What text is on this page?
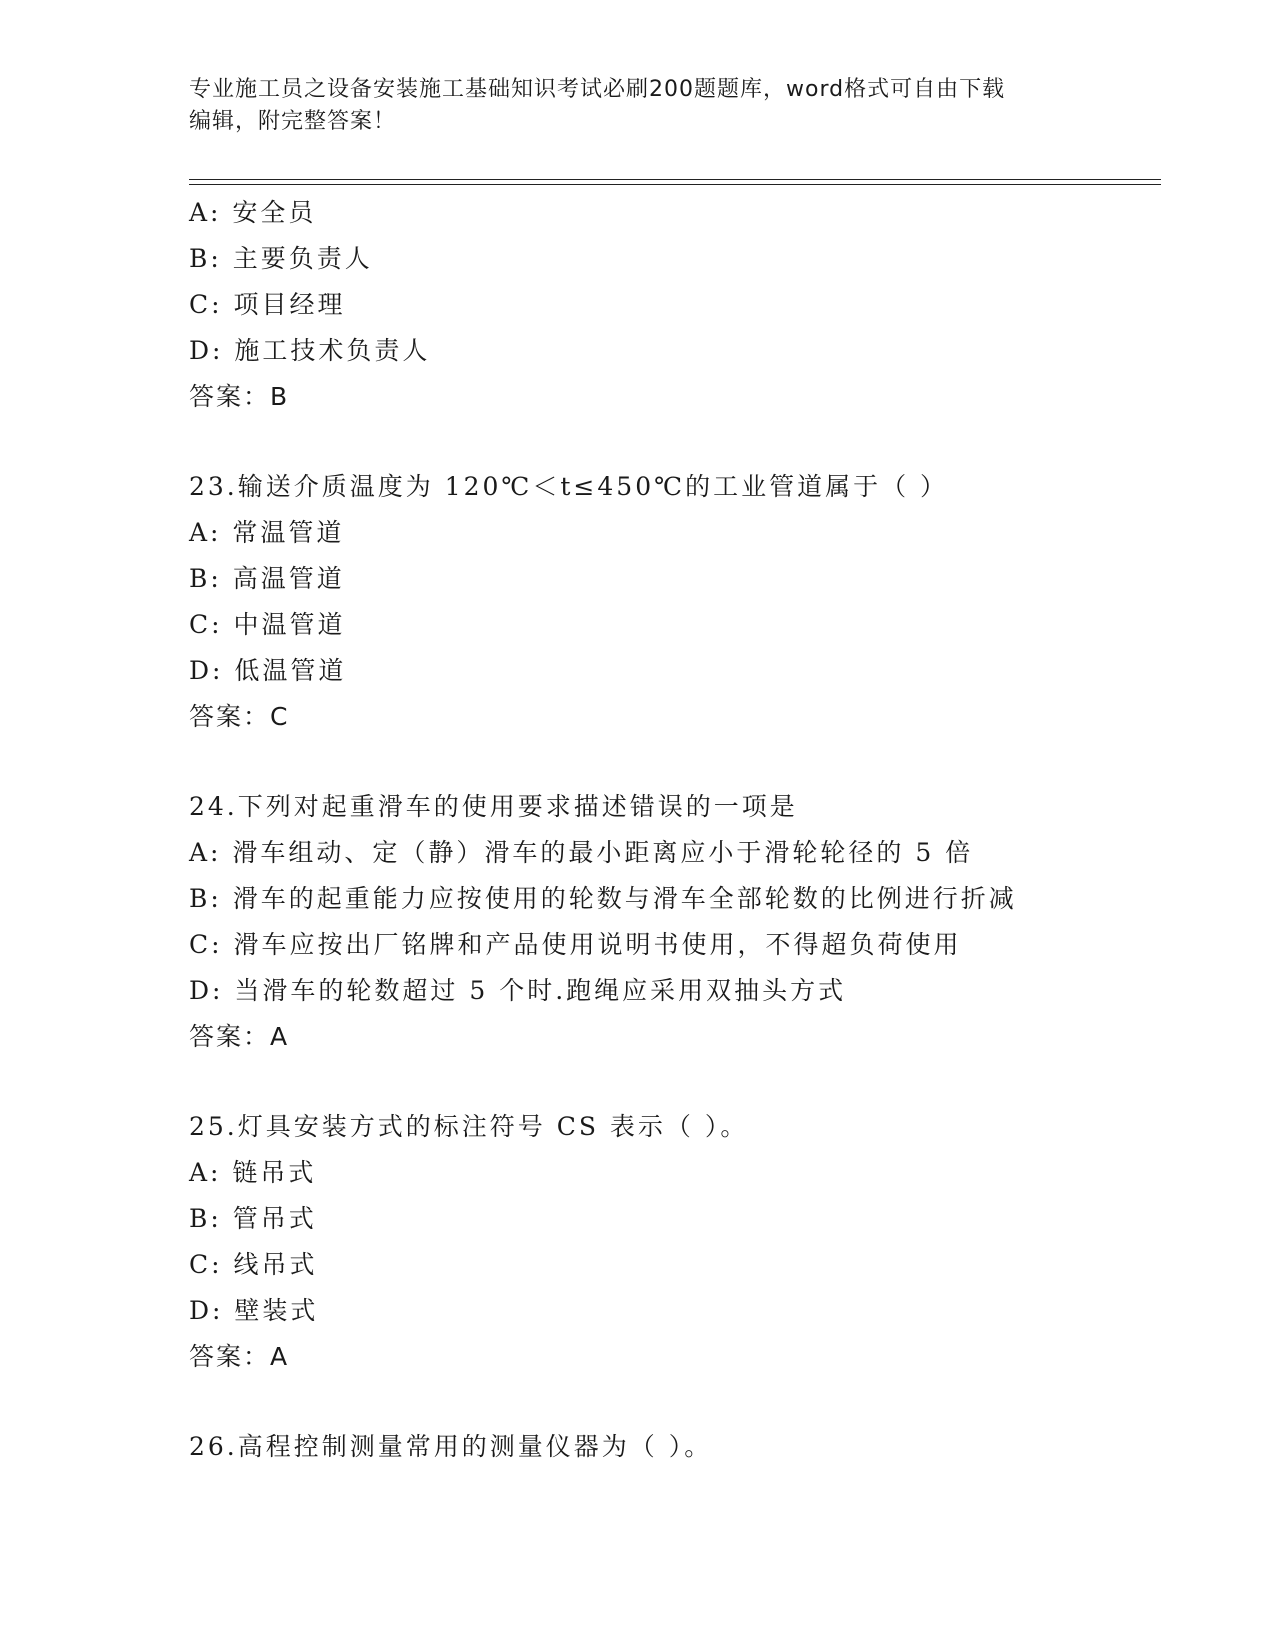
专业施工员之设备安装施工基础知识考试必刷200题题库，word格式可自由下载
编辑，附完整答案！
A: 安全员
B: 主要负责人
C: 项目经理
D: 施工技术负责人
答案：B
23.输送介质温度为 120℃＜t≤450℃的工业管道属于（ ）
A: 常温管道
B: 高温管道
C: 中温管道
D: 低温管道
答案：C
24.下列对起重滑车的使用要求描述错误的一项是
A: 滑车组动、定（静）滑车的最小距离应小于滑轮轮径的 5 倍
B: 滑车的起重能力应按使用的轮数与滑车全部轮数的比例进行折减
C: 滑车应按出厂铭牌和产品使用说明书使用，不得超负荷使用
D: 当滑车的轮数超过 5 个时.跑绳应采用双抽头方式
答案：A
25.灯具安装方式的标注符号 CS 表示（ ）。
A: 链吊式
B: 管吊式
C: 线吊式
D: 壁装式
答案：A
26.高程控制测量常用的测量仪器为（ ）。
